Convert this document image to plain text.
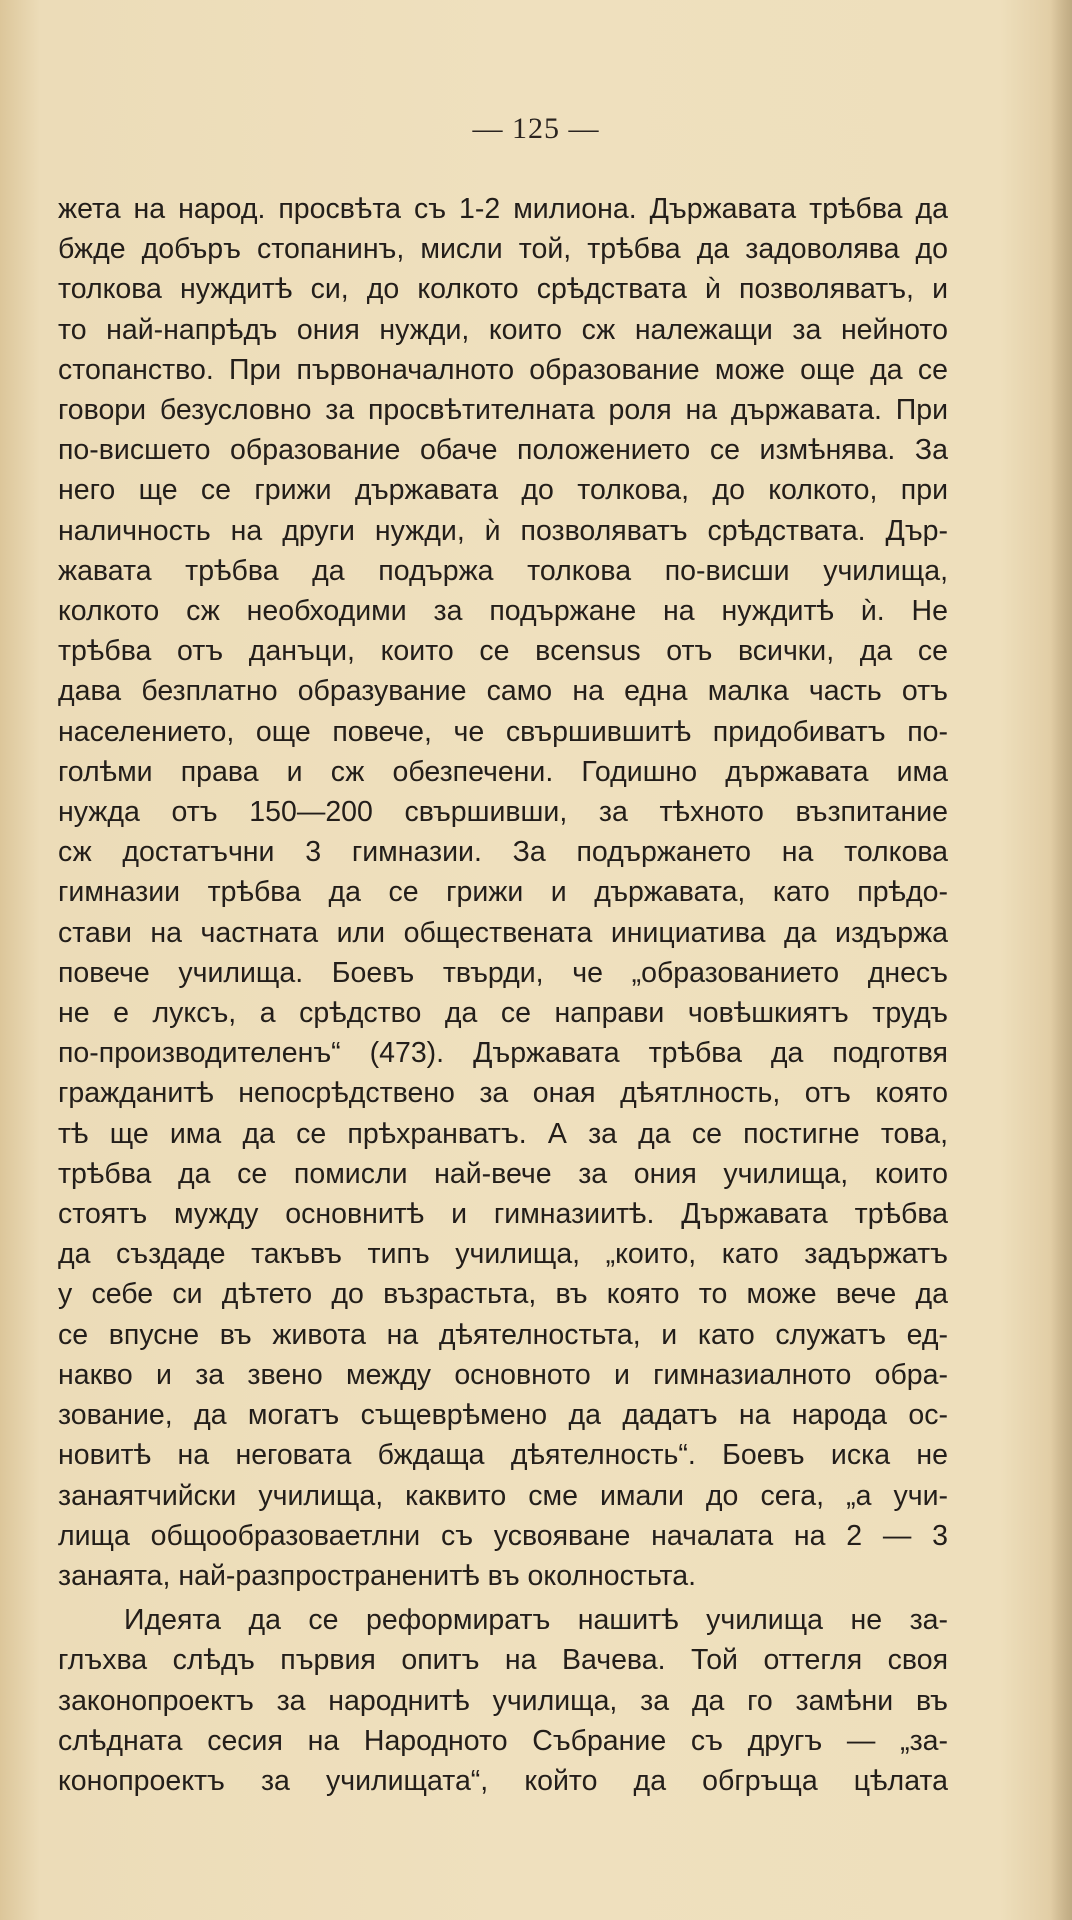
— 125 —
жета на народ. просвѣта съ 1-2 милиона. Държавата трѣбва да
бжде добъръ стопанинъ, мисли той, трѣбва да задоволява до
толкова нуждитѣ си, до колкото срѣдствата ѝ позволяватъ, и
то най-напрѣдъ ония нужди, които сж належащи за нейното
стопанство. При първоначалното образование може още да се
говори безусловно за просвѣтителната роля на държавата. При
по-висшето образование обаче положението се измѣнява. За
него ще се грижи държавата до толкова, до колкото, при
наличность на други нужди, ѝ позволяватъ срѣдствата. Дър-
жавата трѣбва да подържа толкова по-висши училища,
колкото сж необходими за подържане на нуждитѣ ѝ. Не
трѣбва отъ данъци, които се вcensus отъ всички, да се
дава безплатно образувание само на една малка часть отъ
населението, още повече, че свършившитѣ придобиватъ по-
голѣми права и сж обезпечени. Годишно държавата има
нужда отъ 150—200 свършивши, за тѣхното възпитание
сж достатъчни 3 гимназии. За подържането на толкова
гимназии трѣбва да се грижи и държавата, като прѣдо-
стави на частната или обществената инициатива да издържа
повече училища. Боевъ твърди, че „образованието днесъ
не е луксъ, а срѣдство да се направи човѣшкиятъ трудъ
по-производителенъ“ (473). Държавата трѣбва да подготвя
гражданитѣ непосрѣдствено за оная дѣятлность, отъ която
тѣ ще има да се прѣхранватъ. А за да се постигне това,
трѣбва да се помисли най-вече за ония училища, които
стоятъ мужду основнитѣ и гимназиитѣ. Държавата трѣбва
да създаде такъвъ типъ училища, „които, като задържатъ
у себе си дѣтето до възрастьта, въ която то може вече да
се впусне въ живота на дѣятелностьта, и като служатъ ед-
накво и за звено между основното и гимназиалното обра-
зование, да могатъ същеврѣмено да дадатъ на народа ос-
новитѣ на неговата бждаща дѣятелность“. Боевъ иска не
занаятчийски училища, каквито сме имали до сега, „а учи-
лища общообразоваетлни съ усвояване началата на 2 — 3
занаята, най-разпространенитѣ въ околностьта.
Идеята да се реформиратъ нашитѣ училища не за-
глъхва слѣдъ първия опитъ на Вачева. Той оттегля своя
законопроектъ за народнитѣ училища, за да го замѣни въ
слѣдната сесия на Народното Събрание съ другъ — „за-
конопроектъ за училищата“, който да обгръща цѣлата
